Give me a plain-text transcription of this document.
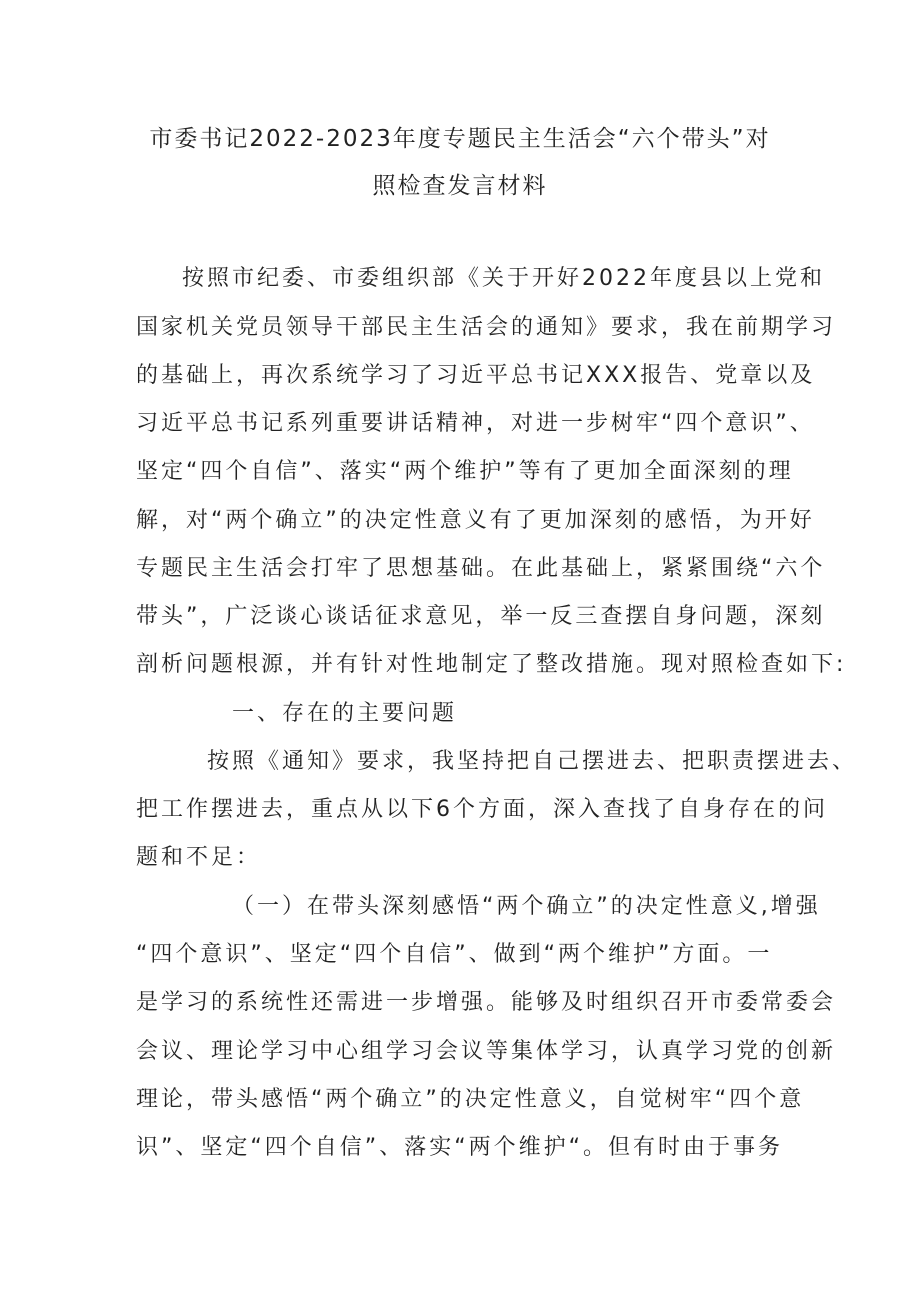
市委书记2022-2023年度专题民主生活会“六个带头”对
照检查发言材料
按照市纪委、市委组织部《关于开好2022年度县以上党和
国家机关党员领导干部民主生活会的通知》要求，我在前期学习
的基础上，再次系统学习了习近平总书记XXX报告、党章以及
习近平总书记系列重要讲话精神，对进一步树牢“四个意识”、
坚定“四个自信”、落实“两个维护”等有了更加全面深刻的理
解，对“两个确立”的决定性意义有了更加深刻的感悟，为开好
专题民主生活会打牢了思想基础。在此基础上，紧紧围绕“六个
带头”，广泛谈心谈话征求意见，举一反三查摆自身问题，深刻
剖析问题根源，并有针对性地制定了整改措施。现对照检查如下:
一、存在的主要问题
按照《通知》要求，我坚持把自己摆进去、把职责摆进去、
把工作摆进去，重点从以下6个方面，深入查找了自身存在的问
题和不足：
（一）在带头深刻感悟“两个确立”的决定性意义,增强
“四个意识”、坚定“四个自信”、做到“两个维护”方面。一
是学习的系统性还需进一步增强。能够及时组织召开市委常委会
会议、理论学习中心组学习会议等集体学习，认真学习党的创新
理论，带头感悟“两个确立”的决定性意义，自觉树牢“四个意
识”、坚定“四个自信”、落实“两个维护“。但有时由于事务
